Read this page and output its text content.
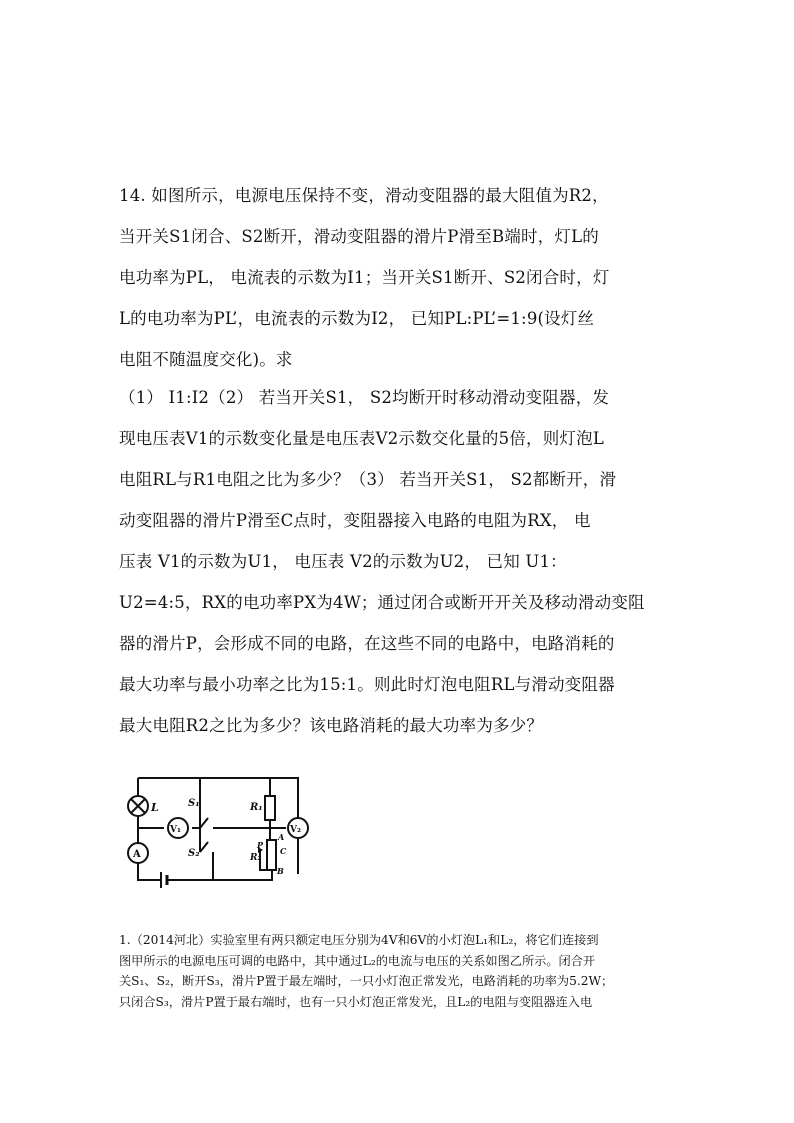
14. 如图所示，电源电压保持不变，滑动变阻器的最大阻值为R2，
当开关S1闭合、S2断开，滑动变阻器的滑片P滑至B端时，灯L的
电功率为PL， 电流表的示数为I1；当开关S1断开、S2闭合时，灯
L的电功率为PL’，电流表的示数为I2， 已知PL:PL’=1:9(设灯丝
电阻不随温度交化)。求
（1） I1:I2（2） 若当开关S1， S2均断开时移动滑动变阻器，发
现电压表V1的示数变化量是电压表V2示数交化量的5倍，则灯泡L
电阻RL与R1电阻之比为多少？（3） 若当开关S1， S2都断开，滑
动变阻器的滑片P滑至C点时，变阻器接入电路的电阻为RX， 电
压表 V1的示数为U1， 电压表 V2的示数为U2， 已知 U1：
U2=4:5，RX的电功率PX为4W；通过闭合或断开开关及移动滑动变阻
器的滑片P，会形成不同的电路，在这些不同的电路中，电路消耗的
最大功率与最小功率之比为15:1。则此时灯泡电阻RL与滑动变阻器
最大电阻R2之比为多少？该电路消耗的最大功率为多少？
L
A
V₁	V₂
S₁
S₂
R₁
R₂
P
A
C
B
1.（2014河北）实验室里有两只额定电压分别为4V和6V的小灯泡L₁和L₂，将它们连接到
图甲所示的电源电压可调的电路中，其中通过L₂的电流与电压的关系如图乙所示。闭合开
关S₁、S₂，断开S₃，滑片P置于最左端时，一只小灯泡正常发光，电路消耗的功率为5.2W；
只闭合S₃，滑片P置于最右端时，也有一只小灯泡正常发光，且L₂的电阻与变阻器连入电
